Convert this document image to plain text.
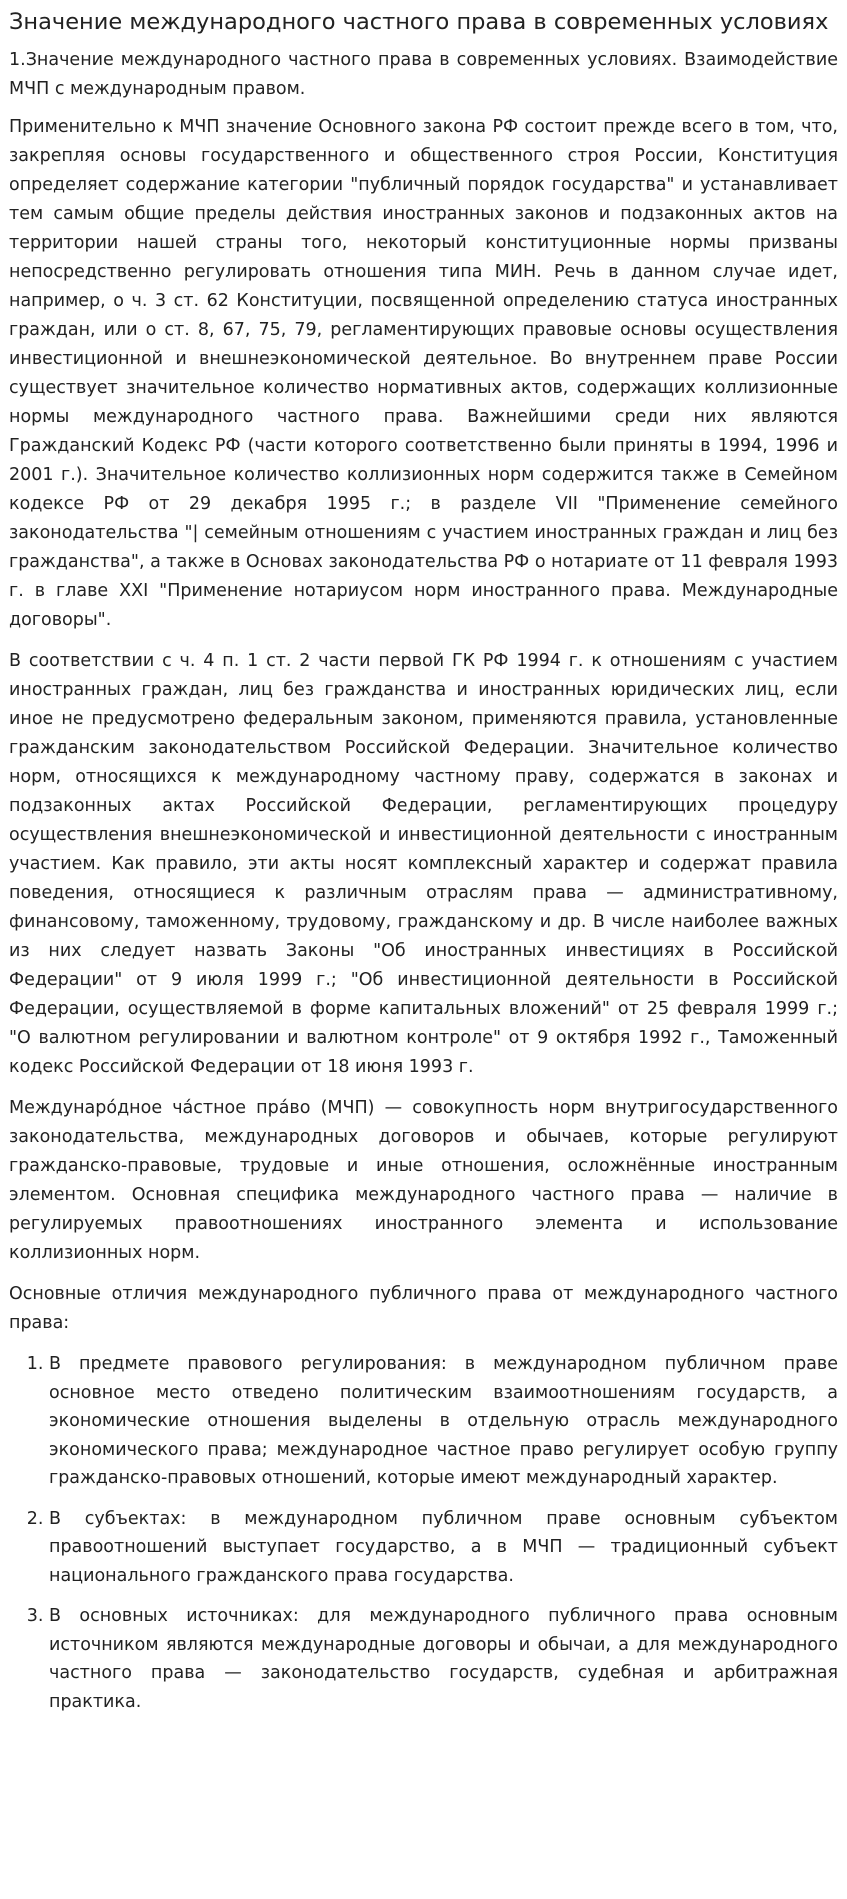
Значение международного частного права в современных условиях

1.Значение международного частного права в современных условиях. Взаимодействие МЧП с международным правом.

Применительно к МЧП значение Основного закона РФ состоит прежде всего в том, что, закрепляя основы государственного и общественного строя России, Конституция определяет содержание категории "публичный порядок государства" и устанавливает тем самым общие пределы действия иностранных законов и подзаконных актов на территории нашей страны того, некоторый конституционные нормы призваны непосредственно регулировать отношения типа МИН. Речь в данном случае идет, например, о ч. 3 ст. 62 Конституции, посвященной определению статуса иностранных граждан, или о ст. 8, 67, 75, 79, регламентирующих правовые основы осуществления инвестиционной и внешнеэкономической деятельное. Во внутреннем праве России существует значительное количество нормативных актов, содержащих коллизионные нормы международного частного права. Важнейшими среди них являются Гражданский Кодекс РФ (части которого соответственно были приняты в 1994, 1996 и 2001 г.). Значительное количество коллизионных норм содержится также в Семейном кодексе РФ от 29 декабря 1995 г.; в разделе VII "Применение семейного законодательства "| семейным отношениям с участием иностранных граждан и лиц без гражданства", а также в Основах законодательства РФ о нотариате от 11 февраля 1993 г. в главе XXI "Применение нотариусом норм иностранного права. Международные договоры".

В соответствии с ч. 4 п. 1 ст. 2 части первой ГК РФ 1994 г. к отношениям с участием иностранных граждан, лиц без гражданства и иностранных юридических лиц, если иное не предусмотрено федеральным законом, применяются правила, установленные гражданским законодательством Российской Федерации. Значительное количество норм, относящихся к международному частному праву, содержатся в законах и подзаконных актах Российской Федерации, регламентирующих процедуру осуществления внешнеэкономической и инвестиционной деятельности с иностранным участием. Как правило, эти акты носят комплексный характер и содержат правила поведения, относящиеся к различным отраслям права — административному, финансовому, таможенному, трудовому, гражданскому и др. В числе наиболее важных из них следует назвать Законы "Об иностранных инвестициях в Российской Федерации" от 9 июля 1999 г.; "Об инвестиционной деятельности в Российской Федерации, осуществляемой в форме капитальных вложений" от 25 февраля 1999 г.; "О валютном регулировании и валютном контроле" от 9 октября 1992 г., Таможенный кодекс Российской Федерации от 18 июня 1993 г.

Междунаро́дное ча́стное пра́во (МЧП) — совокупность норм внутригосударственного законодательства, международных договоров и обычаев, которые регулируют гражданско-правовые, трудовые и иные отношения, осложнённые иностранным элементом. Основная специфика международного частного права — наличие в регулируемых правоотношениях иностранного элемента и использование коллизионных норм.

Основные отличия международного публичного права от международного частного права:

1. В предмете правового регулирования: в международном публичном праве основное место отведено политическим взаимоотношениям государств, а экономические отношения выделены в отдельную отрасль международного экономического права; международное частное право регулирует особую группу гражданско-правовых отношений, которые имеют международный характер.
2. В субъектах: в международном публичном праве основным субъектом правоотношений выступает государство, а в МЧП — традиционный субъект национального гражданского права государства.
3. В основных источниках: для международного публичного права основным источником являются международные договоры и обычаи, а для международного частного права — законодательство государств, судебная и арбитражная практика.
